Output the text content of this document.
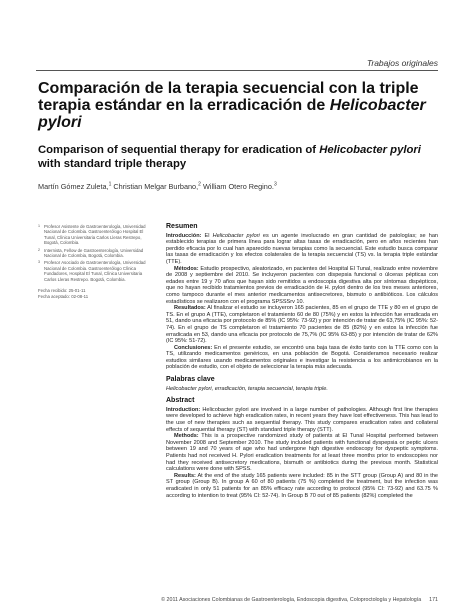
Trabajos originales
Comparación de la terapia secuencial con la triple terapia estándar en la erradicación de Helicobacter pylori
Comparison of sequential therapy for eradication of Helicobacter pylori with standard triple therapy
Martín Gómez Zuleta,$^1$ Christian Melgar Burbano,$^2$ William Otero Regino.$^3$
1 Profesor Asistente de Gastroenterología, Universidad Nacional de Colombia. Gastroenterólogo Hospital El Tunal, Clínica Universitaria Carlos Lleras Restrepo, Bogotá, Colombia.
2 Internista, Fellow de Gastroenterología, Universidad Nacional de Colombia, Bogotá, Colombia.
3 Profesor Asociado de Gastroenterología, Universidad Nacional de Colombia. Gastroenterólogo Clínica Fundadores, Hospital El Tunal, Clínica Universitaria Carlos Lleras Restrepo. Bogotá, Colombia.
Fecha recibido: 25-01-11
Fecha aceptado: 02-08-11
Resumen

Introducción: El Helicobacter pylori es un agente involucrado en gran cantidad de patologías; se han establecido terapias de primera línea para lograr altas tasas de erradicación, pero en años recientes han perdido eficacia por lo cual han aparecido nuevas terapias como la secuencial. Este estudio busca comparar las tasas de erradicación y los efectos colaterales de la terapia secuencial (TS) vs. la terapia triple estándar (TTE).

Métodos: Estudio prospectivo, aleatorizado, en pacientes del Hospital El Tunal, realizado entre noviembre de 2008 y septiembre del 2010. Se incluyeron pacientes con dispepsia funcional o úlceras pépticas con edades entre 19 y 70 años que hayan sido remitidos a endoscopia digestiva alta por síntomas dispépticos, que no hayan recibido tratamientos previos de erradicación de H. pylori dentro de los tres meses anteriores, como tampoco durante el mes anterior medicamentos antisecretores, bismuto o antibióticos. Los cálculos estadísticos se realizaron con el programa SPSSSrv 10.

Resultados: Al finalizar el estudio se incluyeron 165 pacientes, 85 en el grupo de TTE y 80 en el grupo de TS. En el grupo A (TTE), completaron el tratamiento 60 de 80 (75%) y en estos la infección fue erradicada en 51, dando una eficacia por protocolo de 85% (IC 95%: 73-92) y por intención de tratar de 63,75% (IC 95%: 52-74). En el grupo de TS completaron el tratamiento 70 pacientes de 85 (82%) y en estos la infección fue erradicada en 53, dando una eficacia por protocolo de 75,7% (IC 95% 63-85) y por intención de tratar de 62% (IC 95%: 51-72).

Conclusiones: En el presente estudio, se encontró una baja tasa de éxito tanto con la TTE como con la TS, utilizando medicamentos genéricos, en una población de Bogotá. Consideramos necesario realizar estudios similares usando medicamentos originales e investigar la resistencia a los antimicrobianos en la población de estudio, con el objeto de seleccionar la terapia más adecuada.

Palabras clave

Helicobacter pylori, erradicación, terapia secuencial, terapia triple.

Abstract

Introduction: Helicobacter pylori are involved in a large number of pathologies. Although first line therapies were developed to achieve high eradication rates, in recent years they have lost effectiveness. This has lead to the use of new therapies such as sequential therapy. This study compares eradication rates and collateral effects of sequential therapy (ST) with standard triple therapy (STT).

Methods: This is a prospective randomized study of patients at El Tunal Hospital performed between November 2008 and September 2010. The study included patients with functional dyspepsia or peptic ulcers between 19 and 70 years of age who had undergone high digestive endoscopy for dyspeptic symptoms. Patients had not received H. Pylori eradication treatments for at least three months prior to endoscopies nor had they received antisecretory medications, bismuth or antibiotics during the previous month. Statistical calculations were done with SPSS.

Results: At the end of the study 165 patients were included: 85 in the STT group (Group A) and 80 in the ST group (Group B). In group A 60 of 80 patients (75 %) completed the treatment, but the infection was eradicated in only 51 patients for an 85% efficacy rate according to protocol (95% CI: 73-92) and 63.75 % according to intention to treat (95% CI: 52-74). In Group B 70 out of 85 patients (82%) completed the

© 2011 Asociaciones Colombianas de Gastroenterología, Endoscopia digestiva, Coloproctología y Hepatología 171
